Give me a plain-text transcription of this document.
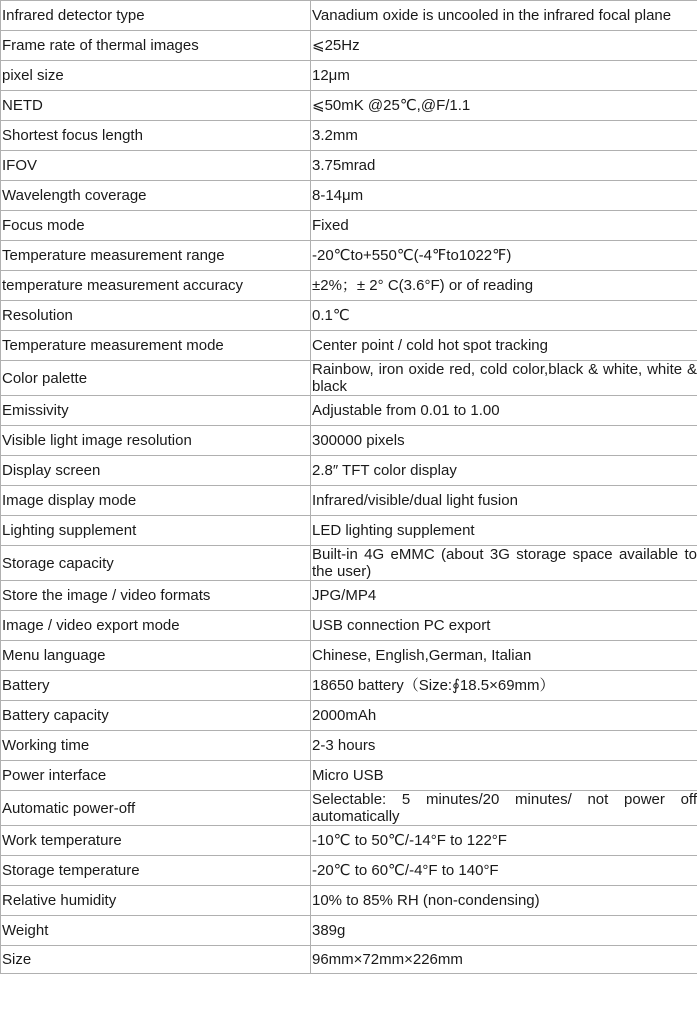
Infrared detector type	Vanadium oxide is uncooled in the infrared focal plane
Frame rate of thermal images	⩽25Hz
pixel size	12μm
NETD	⩽50mK @25℃,@F/1.1
Shortest focus length	3.2mm
IFOV	3.75mrad
Wavelength coverage	8-14μm
Focus mode	Fixed
Temperature measurement range	-20℃to+550℃(-4℉to1022℉)
temperature measurement accuracy	±2%；± 2° C(3.6°F) or of reading
Resolution	0.1℃
Temperature measurement mode	Center point / cold hot spot tracking
Color palette	Rainbow, iron oxide red, cold color,black & white, white & black
Emissivity	Adjustable from 0.01 to 1.00
Visible light image resolution	300000 pixels
Display screen	2.8″ TFT color display
Image display mode	Infrared/visible/dual light fusion
Lighting supplement	LED lighting supplement
Storage capacity	Built-in 4G eMMC (about 3G storage space available to the user)
Store the image / video formats	JPG/MP4
Image / video export mode	USB connection PC export
Menu language	Chinese, English,German, Italian
Battery	18650 battery（Size:∮18.5×69mm）
Battery capacity	2000mAh
Working time	2-3 hours
Power interface	Micro USB
Automatic power-off	Selectable: 5 minutes/20 minutes/ not power off automatically
Work temperature	-10℃ to 50℃/-14°F to 122°F
Storage temperature	-20℃ to 60℃/-4°F to 140°F
Relative humidity	10% to 85% RH (non-condensing)
Weight	389g
Size	96mm×72mm×226mm
